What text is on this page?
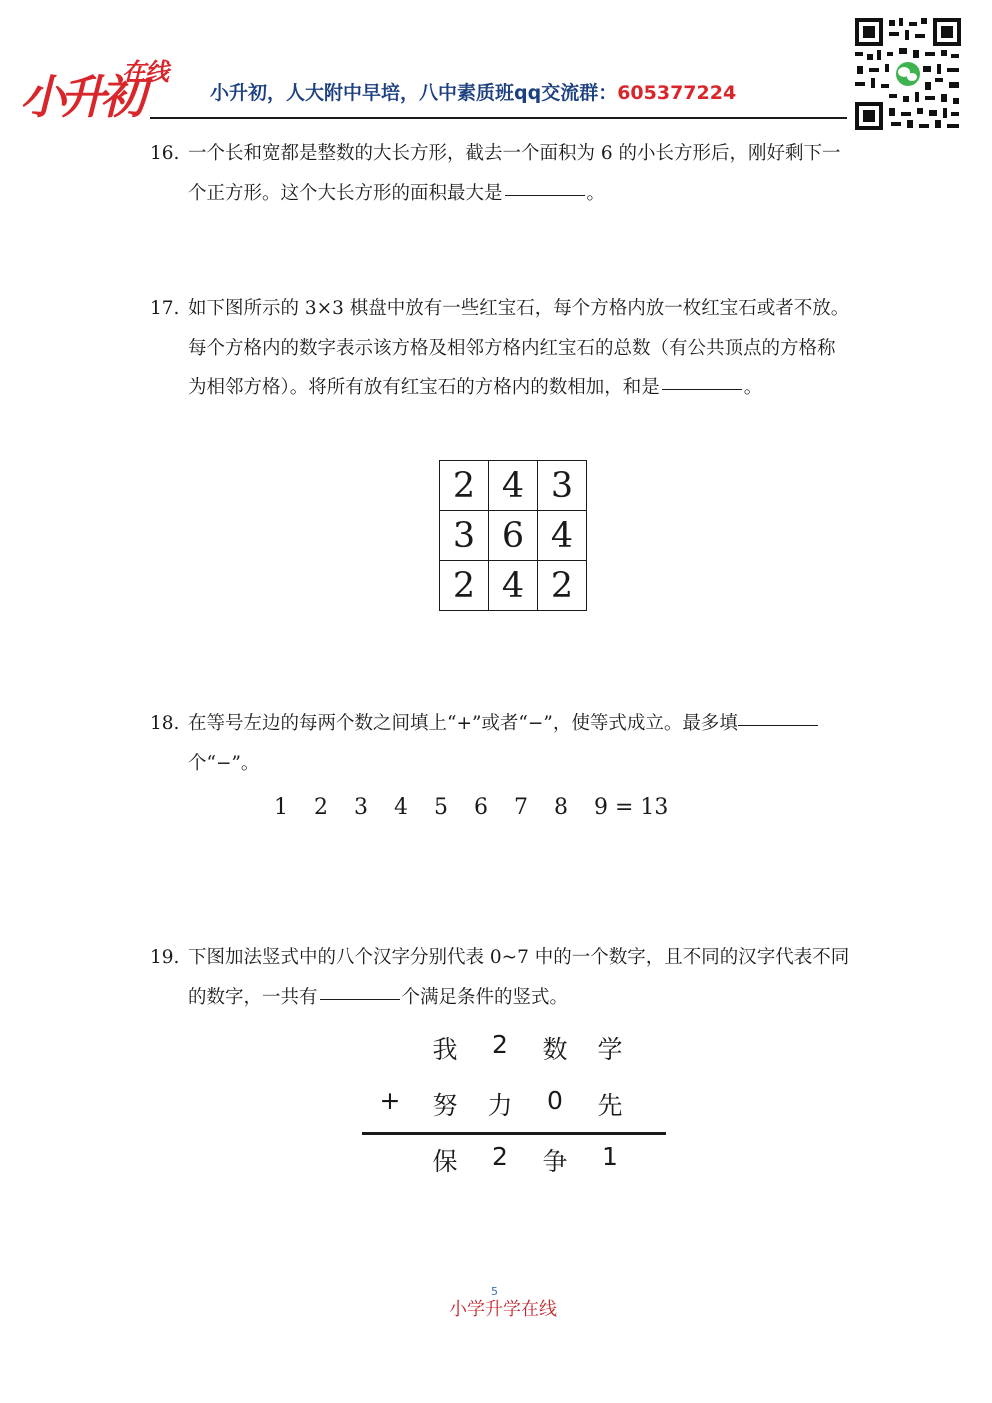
在线
小升初	小升初，人大附中早培，八中素质班qq交流群：605377224
16. 一个长和宽都是整数的大长方形，截去一个面积为 6 的小长方形后，刚好剩下一个正方形。这个大长方形的面积最大是	。
17. 如下图所示的 3×3 棋盘中放有一些红宝石，每个方格内放一枚红宝石或者不放。每个方格内的数字表示该方格及相邻方格内红宝石的总数（有公共顶点的方格称为相邻方格）。将所有放有红宝石的方格内的数相加，和是	。
2	4	3
3	6	4
2	4	2
18. 在等号左边的每两个数之间填上“+”或者“−”，使等式成立。最多填个“−”。
1 2 3 4 5 6 7 8 9 = 13
19. 下图加法竖式中的八个汉字分别代表 0~7 中的一个数字，且不同的汉字代表不同的数字，一共有	个满足条件的竖式。
我	2	数	学
+	努	力	0	先
保	2	争	1
5
小学升学在线
